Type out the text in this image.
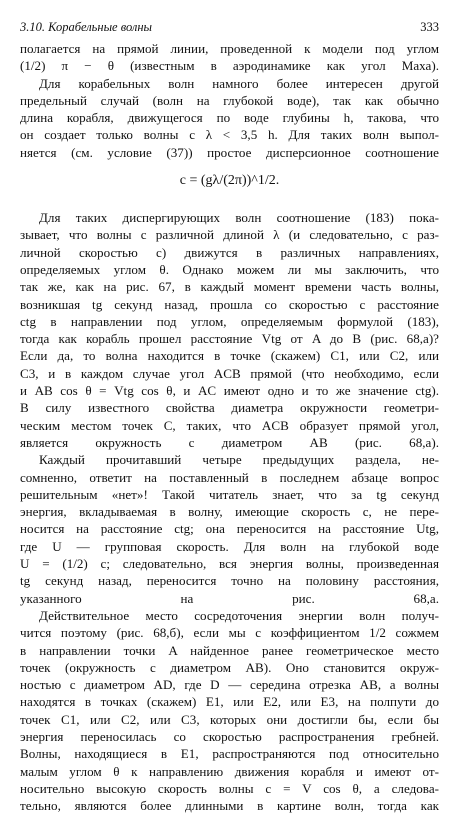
3.10. Корабельные волны	333

полагается на прямой линии, проведенной к модели под углом
(1/2) π − θ (известным в аэродинамике как угол Маха).

Для корабельных волн намного более интересен другой
предельный случай (волн на глубокой воде), так как обычно
длина корабля, движущегося по воде глубины h, такова, что
он создает только волны с λ < 3,5 h. Для таких волн выпол-
няется (см. условие (37)) простое дисперсионное соотношение

c = (gλ/(2π))^1/2.

Для таких диспергирующих волн соотношение (183) пока-
зывает, что волны с различной длиной λ (и следовательно, с раз-
личной скоростью c) движутся в различных направлениях,
определяемых углом θ. Однако можем ли мы заключить, что
так же, как на рис. 67, в каждый момент времени часть волны,
возникшая tg секунд назад, прошла со скоростью c расстояние
ctg в направлении под углом, определяемым формулой (183),
тогда как корабль прошел расстояние Vtg от A до B (рис. 68,а)?
Если да, то волна находится в точке (скажем) C1, или C2, или
C3, и в каждом случае угол ACB прямой (что необходимо, если
и AB cos θ = Vtg cos θ, и AC имеют одно и то же значение ctg).
В силу известного свойства диаметра окружности геометри-
ческим местом точек C, таких, что ACB образует прямой угол,
является окружность с диаметром AB (рис. 68,а).

Каждый прочитавший четыре предыдущих раздела, не-
сомненно, ответит на поставленный в последнем абзаце вопрос
решительным «нет»! Такой читатель знает, что за tg секунд
энергия, вкладываемая в волну, имеющие скорость c, не пере-
носится на расстояние ctg; она переносится на расстояние Utg,
где U — групповая скорость. Для волн на глубокой воде
U = (1/2) c; следовательно, вся энергия волны, произведенная
tg секунд назад, переносится точно на половину расстояния,
указанного на рис. 68,а.

Действительное место сосредоточения энергии волн получ-
чится поэтому (рис. 68,б), если мы с коэффициентом 1/2 сожмем
в направлении точки A найденное ранее геометрическое место
точек (окружность с диаметром AB). Оно становится окруж-
ностью с диаметром AD, где D — середина отрезка AB, а волны
находятся в точках (скажем) E1, или E2, или E3, на полпути до
точек C1, или C2, или C3, которых они достигли бы, если бы
энергия переносилась со скоростью распространения гребней.
Волны, находящиеся в E1, распространяются под относительно
малым углом θ к направлению движения корабля и имеют от-
носительно высокую скорость волны c = V cos θ, а следова-
тельно, являются более длинными в картине волн, тогда как
